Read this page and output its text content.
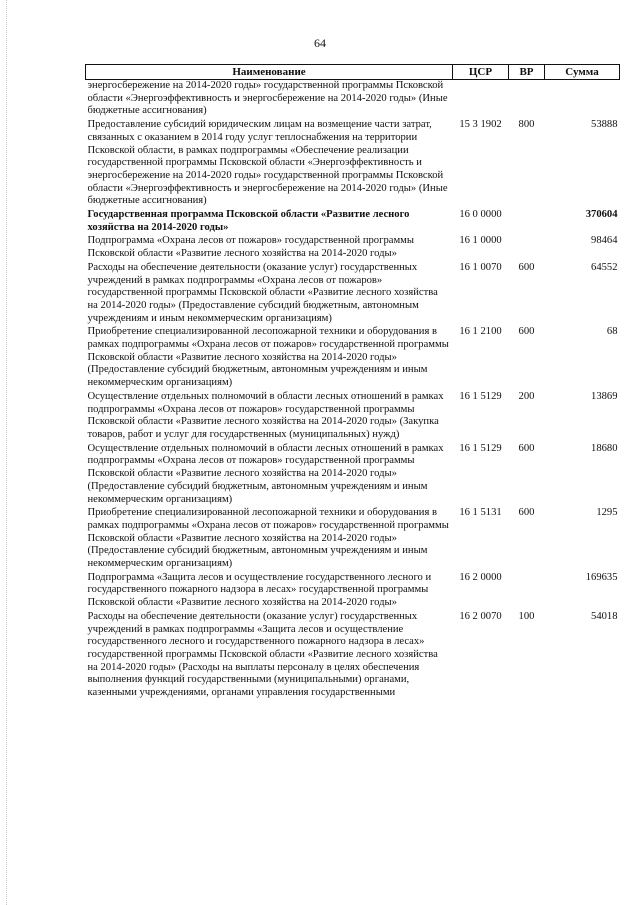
64
Наименование	ЦСР	ВР	Сумма
энергосбережение на 2014-2020 годы» государственной программы Псковской области «Энергоэффективность и энергосбережение на 2014-2020 годы» (Иные бюджетные ассигнования)			
Предоставление субсидий юридическим лицам на возмещение части затрат, связанных с оказанием в 2014 году услуг теплоснабжения на территории Псковской области, в рамках подпрограммы «Обеспечение реализации государственной программы Псковской области «Энергоэффективность и энергосбережение на 2014-2020 годы» государственной программы Псковской области «Энергоэффективность и энергосбережение на 2014-2020 годы» (Иные бюджетные ассигнования)	15 3 1902	800	53888
Государственная программа Псковской области «Развитие лесного хозяйства на 2014-2020 годы»	16 0 0000		370604
Подпрограмма «Охрана лесов от пожаров» государственной программы Псковской области «Развитие лесного хозяйства на 2014-2020 годы»	16 1 0000		98464
Расходы на обеспечение деятельности (оказание услуг) государственных учреждений в рамках подпрограммы «Охрана лесов от пожаров» государственной программы Псковской области «Развитие лесного хозяйства на 2014-2020 годы» (Предоставление субсидий бюджетным, автономным учреждениям и иным некоммерческим организациям)	16 1 0070	600	64552
Приобретение специализированной лесопожарной техники и оборудования в рамках подпрограммы «Охрана лесов от пожаров» государственной программы Псковской области «Развитие лесного хозяйства на 2014-2020 годы» (Предоставление субсидий бюджетным, автономным учреждениям и иным некоммерческим организациям)	16 1 2100	600	68
Осуществление отдельных полномочий в области лесных отношений в рамках подпрограммы «Охрана лесов от пожаров» государственной программы Псковской области «Развитие лесного хозяйства на 2014-2020 годы» (Закупка товаров, работ и услуг для государственных (муниципальных) нужд)	16 1 5129	200	13869
Осуществление отдельных полномочий в области лесных отношений в рамках подпрограммы «Охрана лесов от пожаров» государственной программы Псковской области «Развитие лесного хозяйства на 2014-2020 годы» (Предоставление субсидий бюджетным, автономным учреждениям и иным некоммерческим организациям)	16 1 5129	600	18680
Приобретение специализированной лесопожарной техники и оборудования в рамках подпрограммы «Охрана лесов от пожаров» государственной программы Псковской области «Развитие лесного хозяйства на 2014-2020 годы» (Предоставление субсидий бюджетным, автономным учреждениям и иным некоммерческим организациям)	16 1 5131	600	1295
Подпрограмма «Защита лесов и осуществление государственного лесного и государственного пожарного надзора в лесах» государственной программы Псковской области «Развитие лесного хозяйства на 2014-2020 годы»	16 2 0000		169635
Расходы на обеспечение деятельности (оказание услуг) государственных учреждений в рамках подпрограммы «Защита лесов и осуществление государственного лесного и государственного пожарного надзора в лесах» государственной программы Псковской области «Развитие лесного хозяйства на 2014-2020 годы» (Расходы на выплаты персоналу в целях обеспечения выполнения функций государственными (муниципальными) органами, казенными учреждениями, органами управления государственными	16 2 0070	100	54018
